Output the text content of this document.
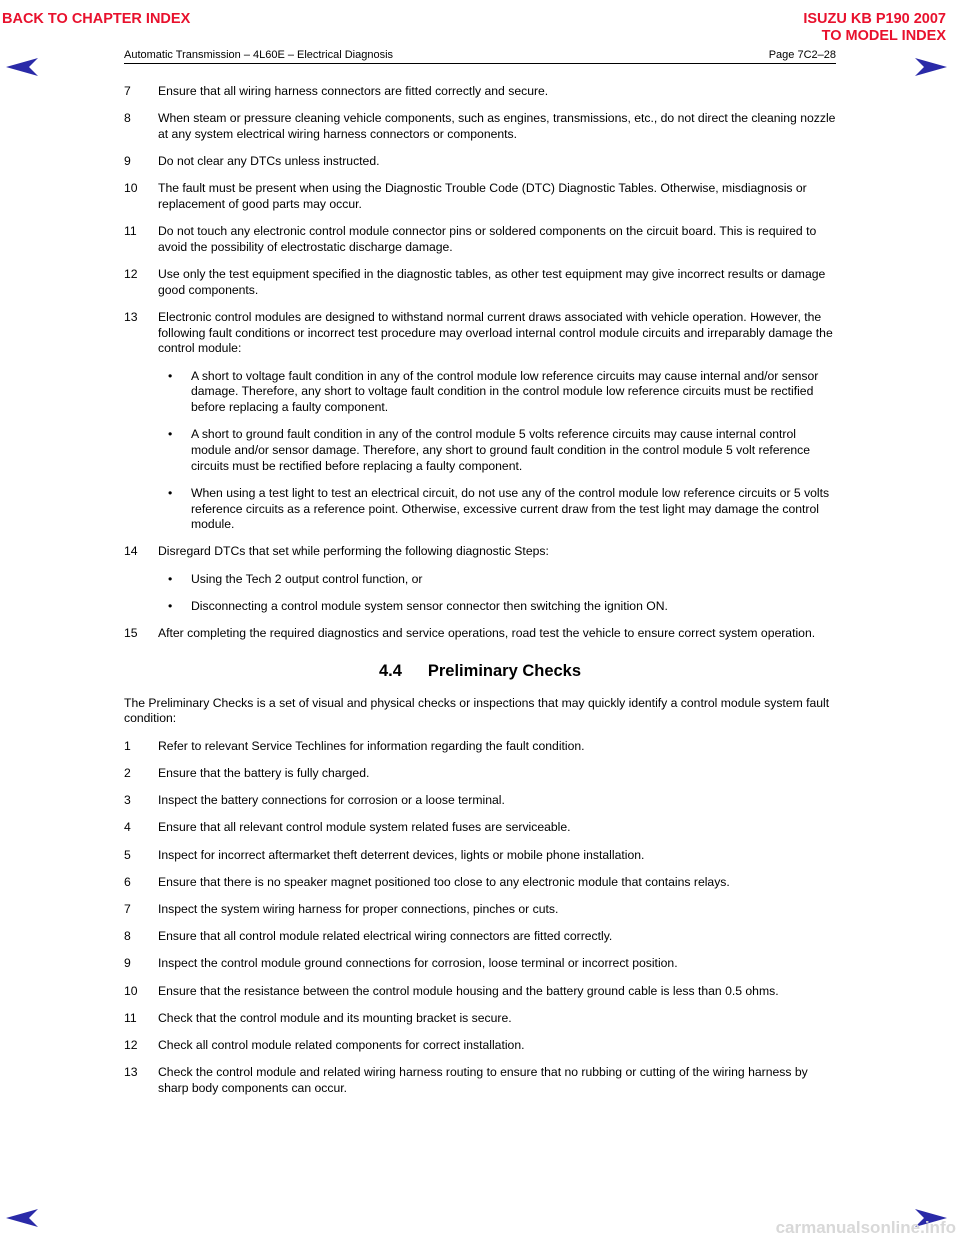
BACK TO CHAPTER INDEX	ISUZU KB P190 2007
TO MODEL INDEX
Automatic Transmission – 4L60E – Electrical Diagnosis	Page 7C2–28
7 Ensure that all wiring harness connectors are fitted correctly and secure.
8 When steam or pressure cleaning vehicle components, such as engines, transmissions, etc., do not direct the cleaning nozzle at any system electrical wiring harness connectors or components.
9 Do not clear any DTCs unless instructed.
10 The fault must be present when using the Diagnostic Trouble Code (DTC) Diagnostic Tables. Otherwise, misdiagnosis or replacement of good parts may occur.
11 Do not touch any electronic control module connector pins or soldered components on the circuit board. This is required to avoid the possibility of electrostatic discharge damage.
12 Use only the test equipment specified in the diagnostic tables, as other test equipment may give incorrect results or damage good components.
13 Electronic control modules are designed to withstand normal current draws associated with vehicle operation. However, the following fault conditions or incorrect test procedure may overload internal control module circuits and irreparably damage the control module:
• A short to voltage fault condition in any of the control module low reference circuits may cause internal and/or sensor damage. Therefore, any short to voltage fault condition in the control module low reference circuits must be rectified before replacing a faulty component.
• A short to ground fault condition in any of the control module 5 volts reference circuits may cause internal control module and/or sensor damage. Therefore, any short to ground fault condition in the control module 5 volt reference circuits must be rectified before replacing a faulty component.
• When using a test light to test an electrical circuit, do not use any of the control module low reference circuits or 5 volts reference circuits as a reference point. Otherwise, excessive current draw from the test light may damage the control module.
14 Disregard DTCs that set while performing the following diagnostic Steps:
• Using the Tech 2 output control function, or
• Disconnecting a control module system sensor connector then switching the ignition ON.
15 After completing the required diagnostics and service operations, road test the vehicle to ensure correct system operation.
4.4 Preliminary Checks
The Preliminary Checks is a set of visual and physical checks or inspections that may quickly identify a control module system fault condition:
1 Refer to relevant Service Techlines for information regarding the fault condition.
2 Ensure that the battery is fully charged.
3 Inspect the battery connections for corrosion or a loose terminal.
4 Ensure that all relevant control module system related fuses are serviceable.
5 Inspect for incorrect aftermarket theft deterrent devices, lights or mobile phone installation.
6 Ensure that there is no speaker magnet positioned too close to any electronic module that contains relays.
7 Inspect the system wiring harness for proper connections, pinches or cuts.
8 Ensure that all control module related electrical wiring connectors are fitted correctly.
9 Inspect the control module ground connections for corrosion, loose terminal or incorrect position.
10 Ensure that the resistance between the control module housing and the battery ground cable is less than 0.5 ohms.
11 Check that the control module and its mounting bracket is secure.
12 Check all control module related components for correct installation.
13 Check the control module and related wiring harness routing to ensure that no rubbing or cutting of the wiring harness by sharp body components can occur.
carmanualsonline.info
